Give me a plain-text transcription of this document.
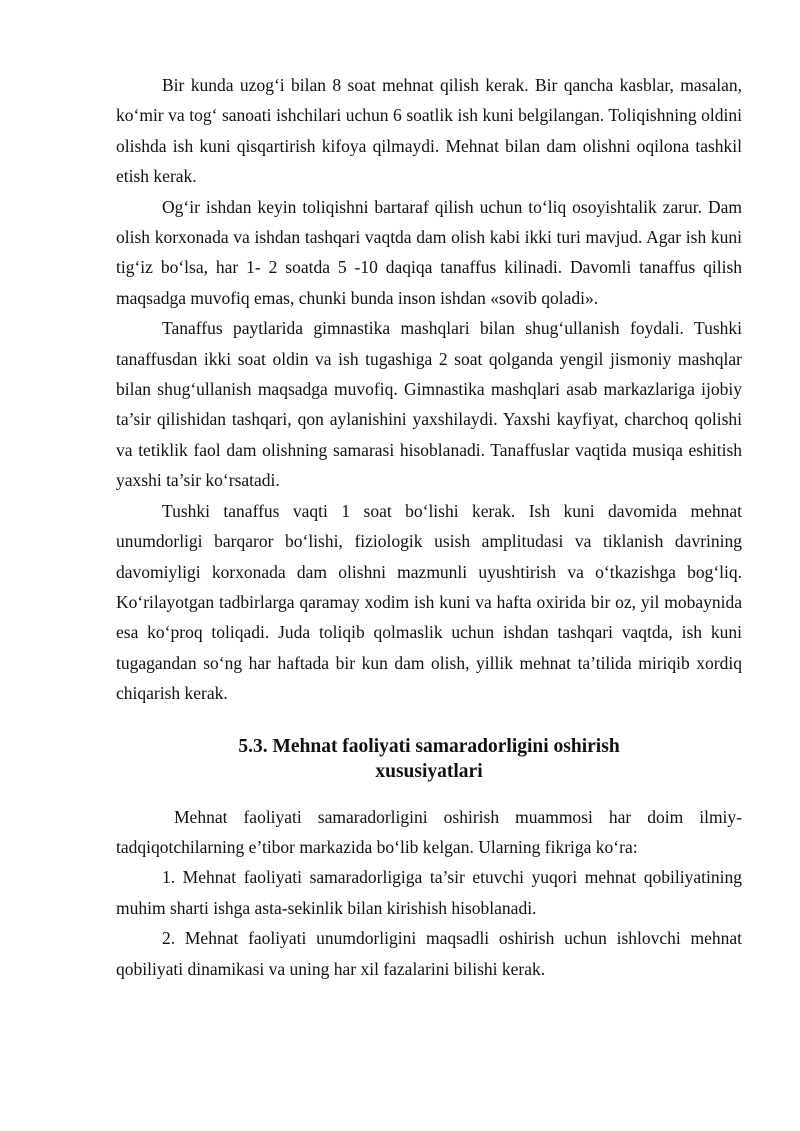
Bir kunda uzog‘i bilan 8 soat mehnat qilish kerak. Bir qancha kasblar, masalan, ko‘mir va tog‘ sanoati ishchilari uchun 6 soatlik ish kuni belgilangan. Toliqishning oldini olishda ish kuni qisqartirish kifoya qilmaydi. Mehnat bilan dam olishni oqilona tashkil etish kerak.

Og‘ir ishdan keyin toliqishni bartaraf qilish uchun to‘liq osoyishtalik zarur. Dam olish korxonada va ishdan tashqari vaqtda dam olish kabi ikki turi mavjud. Agar ish kuni tig‘iz bo‘lsa, har 1- 2 soatda 5 -10 daqiqa tanaffus kilinadi. Davomli tanaffus qilish maqsadga muvofiq emas, chunki bunda inson ishdan «sovib qoladi».

Tanaffus paytlarida gimnastika mashqlari bilan shug‘ullanish foydali. Tushki tanaffusdan ikki soat oldin va ish tugashiga 2 soat qolganda yengil jismoniy mashqlar bilan shug‘ullanish maqsadga muvofiq. Gimnastika mashqlari asab markazlariga ijobiy ta’sir qilishidan tashqari, qon aylanishini yaxshilaydi. Yaxshi kayfiyat, charchoq qolishi va tetiklik faol dam olishning samarasi hisoblanadi. Tanaffuslar vaqtida musiqa eshitish yaxshi ta’sir ko‘rsatadi.

Tushki tanaffus vaqti 1 soat bo‘lishi kerak. Ish kuni davomida mehnat unumdorligi barqaror bo‘lishi, fiziologik usish amplitudasi va tiklanish davrining davomiyligi korxonada dam olishni mazmunli uyushtirish va o‘tkazishga bog‘liq. Ko‘rilayotgan tadbirlarga qaramay xodim ish kuni va hafta oxirida bir oz, yil mobaynida esa ko‘proq toliqadi. Juda toliqib qolmaslik uchun ishdan tashqari vaqtda, ish kuni tugagandan so‘ng har haftada bir kun dam olish, yillik mehnat ta’tilida miriqib xordiq chiqarish kerak.

5.3. Mehnat faoliyati samaradorligini oshirish
xususiyatlari

Mehnat faoliyati samaradorligini oshirish muammosi har doim ilmiy-tadqiqotchilarning e’tibor markazida bo‘lib kelgan. Ularning fikriga ko‘ra:

1. Mehnat faoliyati samaradorligiga ta’sir etuvchi yuqori mehnat qobiliyatining muhim sharti ishga asta-sekinlik bilan kirishish hisoblanadi.

2. Mehnat faoliyati unumdorligini maqsadli oshirish uchun ishlovchi mehnat qobiliyati dinamikasi va uning har xil fazalarini bilishi kerak.
